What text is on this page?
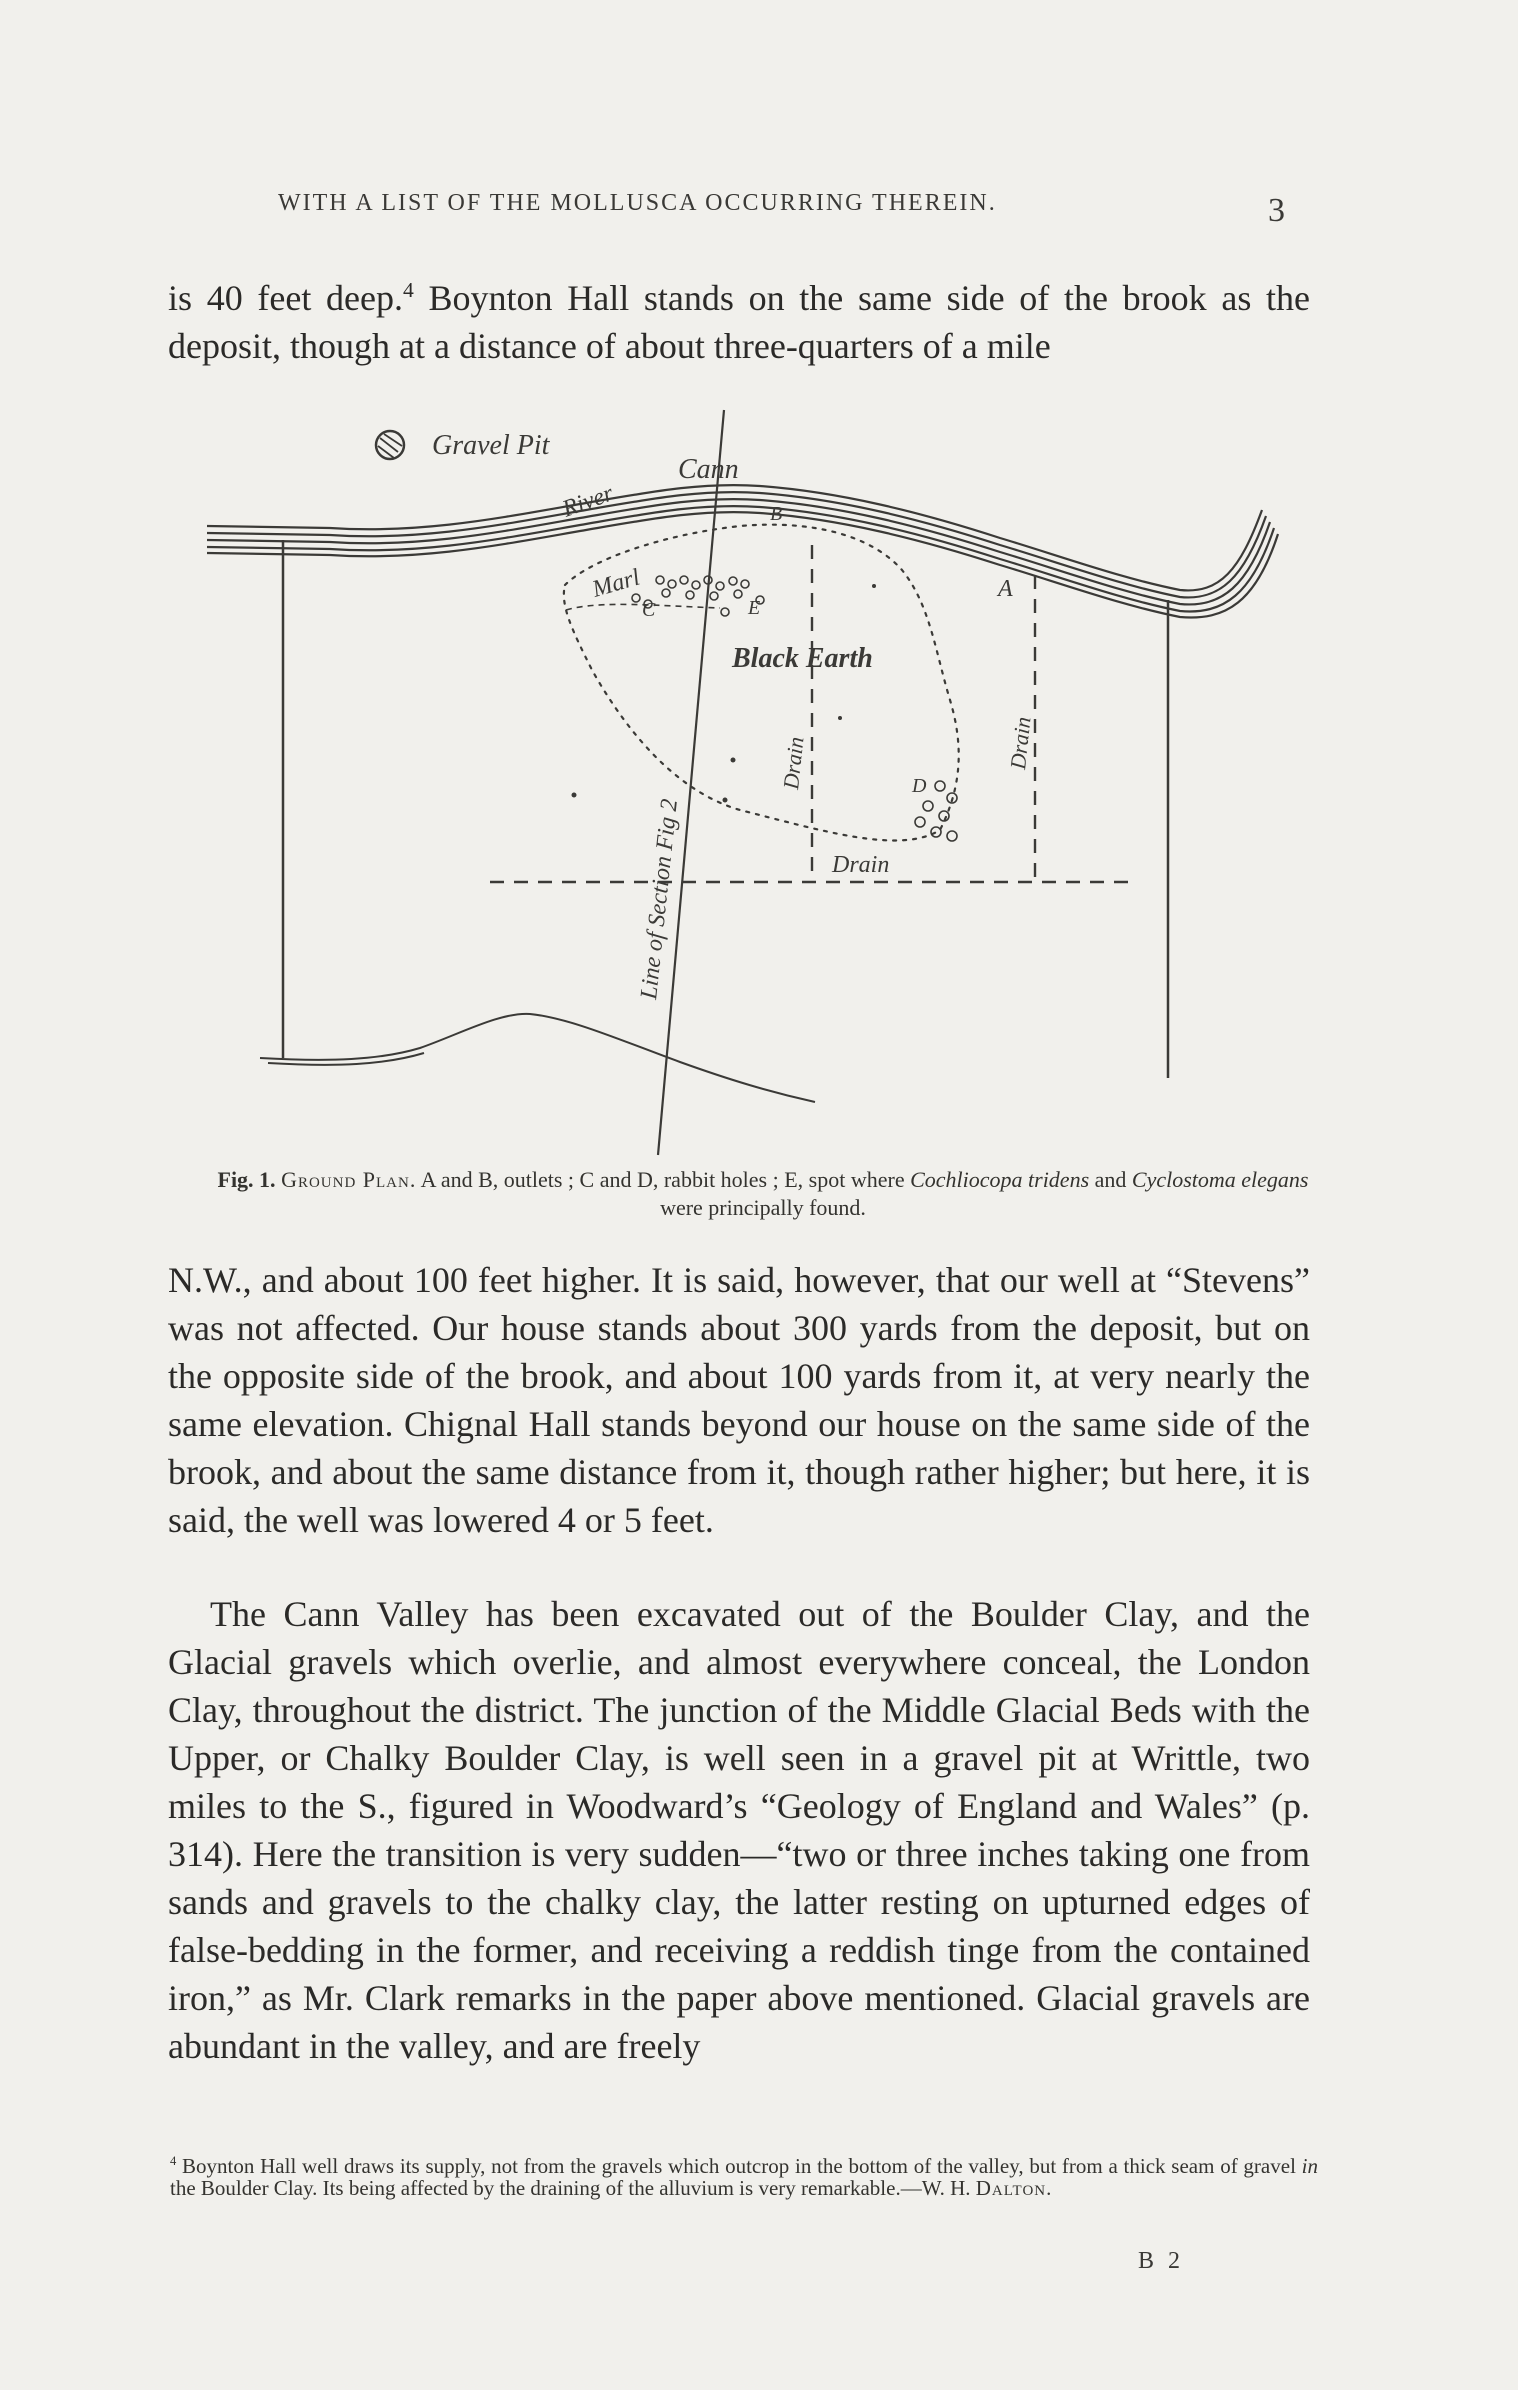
WITH A LIST OF THE MOLLUSCA OCCURRING THEREIN.	3

is 40 feet deep.$^4$ Boynton Hall stands on the same side of the brook as the deposit, though at a distance of about three-quarters of a mile

Gravel Pit
River
Cann
Marl
Black Earth
Drain	Drain
Drain
Line of Section Fig 2
A
B
C
D
E
Fig. 1. Ground Plan. A and B, outlets ; C and D, rabbit holes ; E, spot where Cochliocopa tridens and Cyclostoma elegans were principally found.

N.W., and about 100 feet higher. It is said, however, that our well at “Stevens” was not affected. Our house stands about 300 yards from the deposit, but on the opposite side of the brook, and about 100 yards from it, at very nearly the same elevation. Chignal Hall stands beyond our house on the same side of the brook, and about the same distance from it, though rather higher; but here, it is said, the well was lowered 4 or 5 feet.

The Cann Valley has been excavated out of the Boulder Clay, and the Glacial gravels which overlie, and almost everywhere conceal, the London Clay, throughout the district. The junction of the Middle Glacial Beds with the Upper, or Chalky Boulder Clay, is well seen in a gravel pit at Writtle, two miles to the S., figured in Woodward’s “Geology of England and Wales” (p. 314). Here the transition is very sudden—“two or three inches taking one from sands and gravels to the chalky clay, the latter resting on upturned edges of false-bedding in the former, and receiving a reddish tinge from the contained iron,” as Mr. Clark remarks in the paper above mentioned. Glacial gravels are abundant in the valley, and are freely

$^4$ Boynton Hall well draws its supply, not from the gravels which outcrop in the bottom of the valley, but from a thick seam of gravel in the Boulder Clay. Its being affected by the draining of the alluvium is very remarkable.—W. H. Dalton.
B 2
